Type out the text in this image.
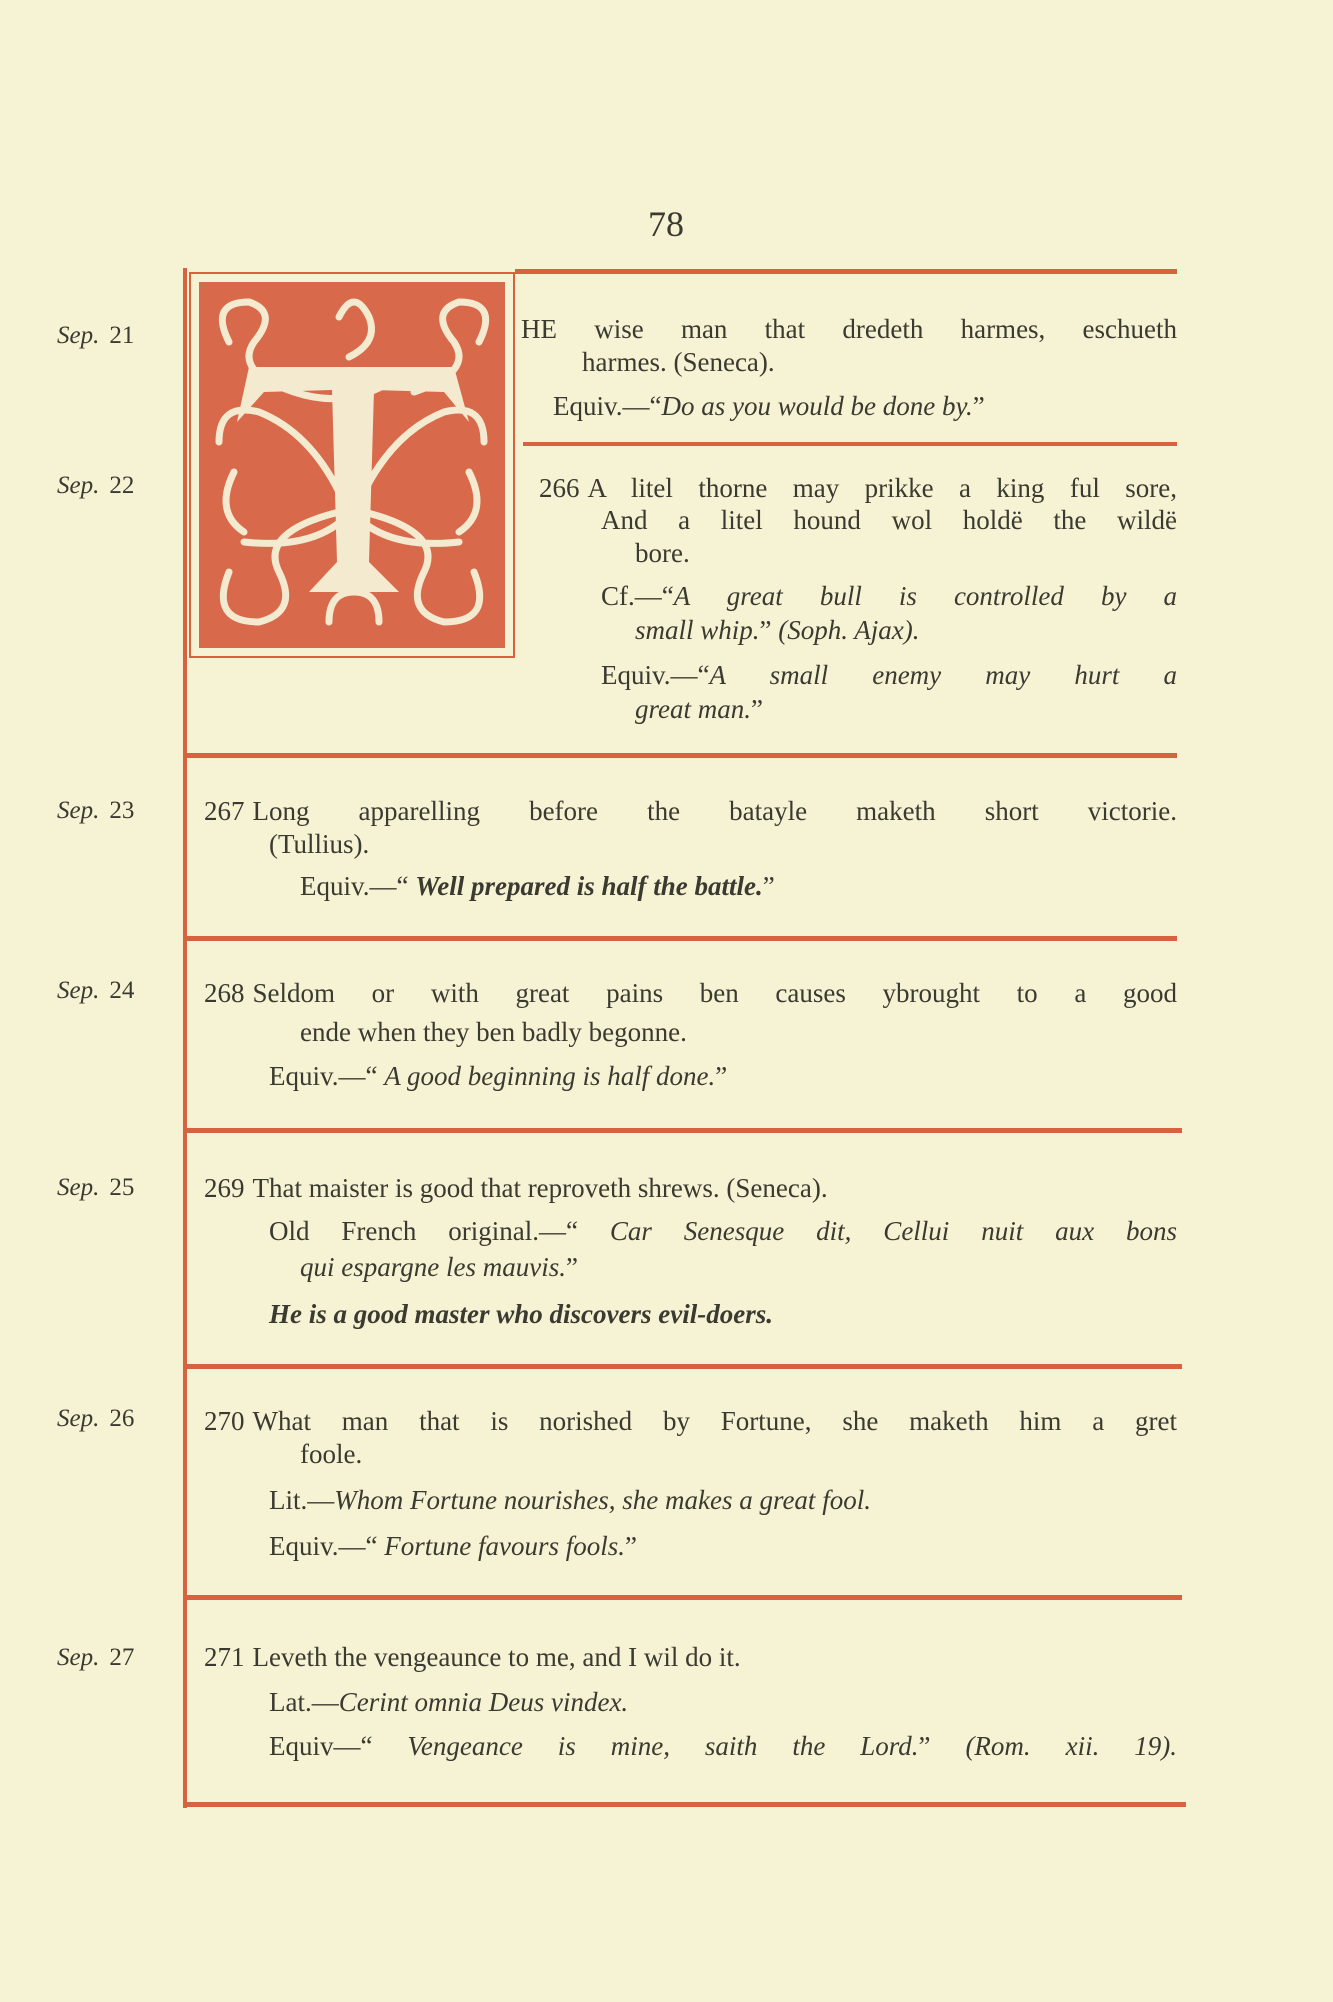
78
Sep. 21
Sep. 22
Sep. 23
Sep. 24
Sep. 25
Sep. 26
Sep. 27
HE wise man that dredeth harmes, eschueth
harmes. (Seneca).
Equiv.—“Do as you would be done by.”
266 A litel thorne may prikke a king ful sore,
And a litel hound wol holdë the wildë
bore.
Cf.—“A great bull is controlled by a
small whip.” (Soph. Ajax).
Equiv.—“A small enemy may hurt a
great man.”
267 Long apparelling before the batayle maketh short victorie.
(Tullius).
Equiv.—“ Well prepared is half the battle.”
268 Seldom or with great pains ben causes ybrought to a good
ende when they ben badly begonne.
Equiv.—“ A good beginning is half done.”
269 That maister is good that reproveth shrews. (Seneca).
Old French original.—“ Car Senesque dit, Cellui nuit aux bons
qui espargne les mauvis.”
He is a good master who discovers evil-doers.
270 What man that is norished by Fortune, she maketh him a gret
foole.
Lit.—Whom Fortune nourishes, she makes a great fool.
Equiv.—“ Fortune favours fools.”
271 Leveth the vengeaunce to me, and I wil do it.
Lat.—Cerint omnia Deus vindex.
Equiv—“ Vengeance is mine, saith the Lord.” (Rom. xii. 19).
